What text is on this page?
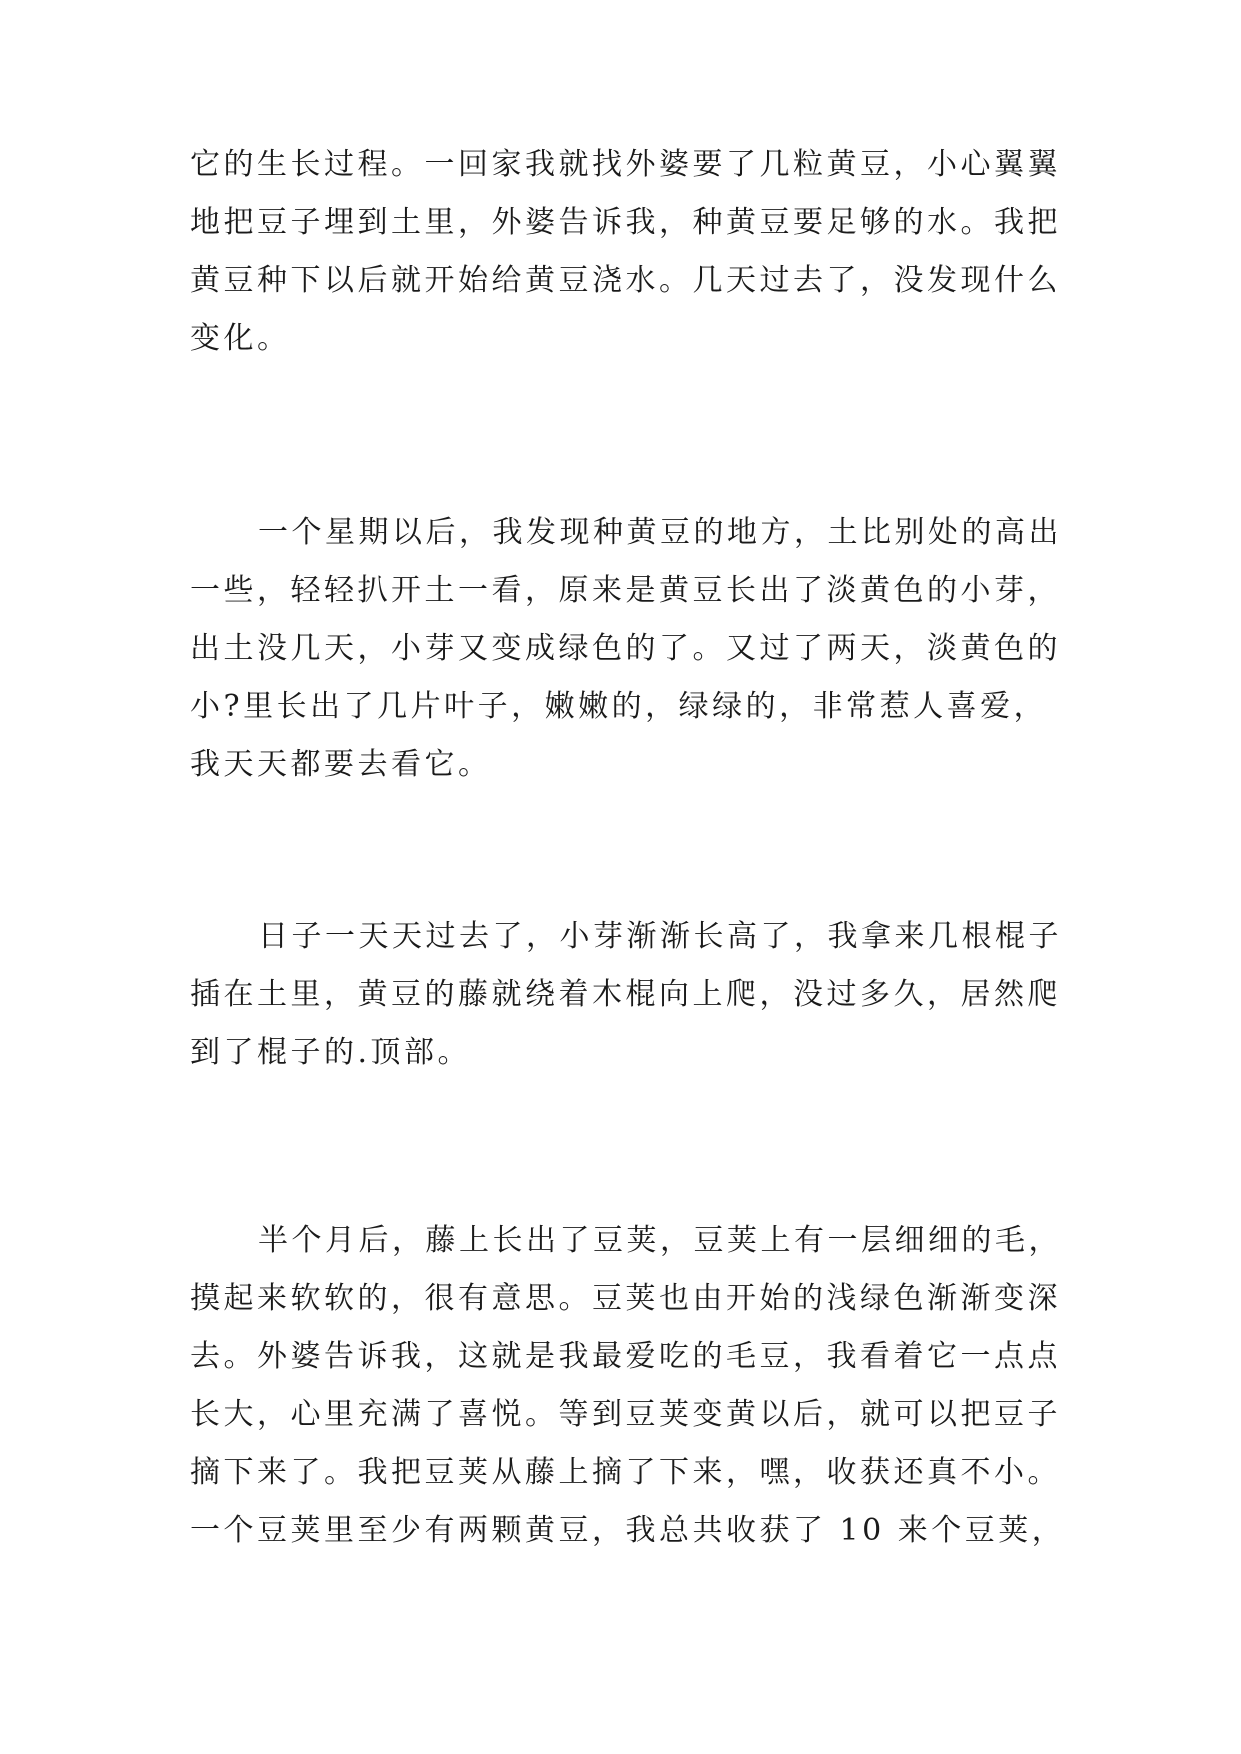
它的生长过程。一回家我就找外婆要了几粒黄豆，小心翼翼
地把豆子埋到土里，外婆告诉我，种黄豆要足够的水。我把
黄豆种下以后就开始给黄豆浇水。几天过去了，没发现什么
变化。
一个星期以后，我发现种黄豆的地方，土比别处的高出
一些，轻轻扒开土一看，原来是黄豆长出了淡黄色的小芽，
出土没几天，小芽又变成绿色的了。又过了两天，淡黄色的
小?里长出了几片叶子，嫩嫩的，绿绿的，非常惹人喜爱，
我天天都要去看它。
日子一天天过去了，小芽渐渐长高了，我拿来几根棍子
插在土里，黄豆的藤就绕着木棍向上爬，没过多久，居然爬
到了棍子的.顶部。
半个月后，藤上长出了豆荚，豆荚上有一层细细的毛，
摸起来软软的，很有意思。豆荚也由开始的浅绿色渐渐变深
去。外婆告诉我，这就是我最爱吃的毛豆，我看着它一点点
长大，心里充满了喜悦。等到豆荚变黄以后，就可以把豆子
摘下来了。我把豆荚从藤上摘了下来，嘿，收获还真不小。
一个豆荚里至少有两颗黄豆，我总共收获了 10 来个豆荚，
